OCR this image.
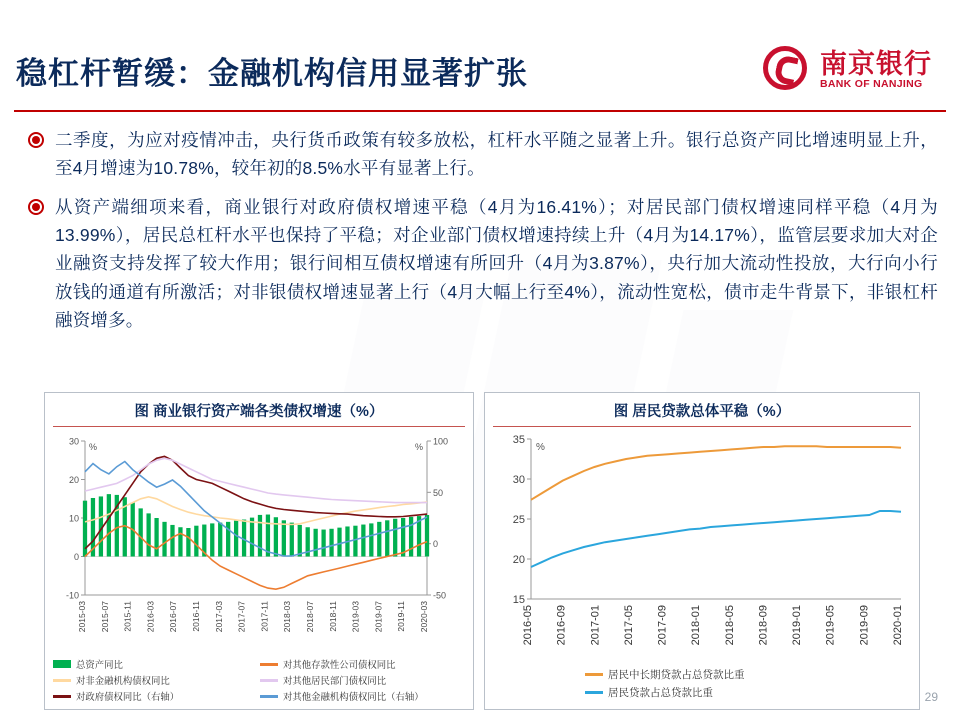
稳杠杆暂缓：金融机构信用显著扩张	南京银行
BANK OF NANJING
二季度，为应对疫情冲击，央行货币政策有较多放松，杠杆水平随之显著上升。银行总资产同比增速明显上升，至4月增速为10.78%，较年初的8.5%水平有显著上行。
从资产端细项来看，商业银行对政府债权增速平稳（4月为16.41%）；对居民部门债权增速同样平稳（4月为13.99%），居民总杠杆水平也保持了平稳；对企业部门债权增速持续上升（4月为14.17%），监管层要求加大对企业融资支持发挥了较大作用；银行间相互债权增速有所回升（4月为3.87%），央行加大流动性投放，大行向小行放钱的通道有所激活；对非银债权增速显著上行（4月大幅上行至4%），流动性宽松，债市走牛背景下，非银杠杆融资增多。
图 商业银行资产端各类债权增速（%）
-10
0
10
20
30
-50
0
50
100
%	%
2015-03 2015-07 2015-11 2016-03 2016-07 2016-11 2017-03 2017-07 2017-11 2018-03 2018-07 2018-11 2019-03 2019-07 2019-11 2020-03
总资产同比	对其他存款性公司债权同比
对非金融机构债权同比	对其他居民部门债权同比
对政府债权同比（右轴）	对其他金融机构债权同比（右轴）
图 居民贷款总体平稳（%）
15
20
25
30
35
%
2016-05 2016-09 2017-01 2017-05 2017-09 2018-01 2018-05 2018-09 2019-01 2019-05 2019-09 2020-01
居民中长期贷款占总贷款比重
居民贷款占总贷款比重	29
